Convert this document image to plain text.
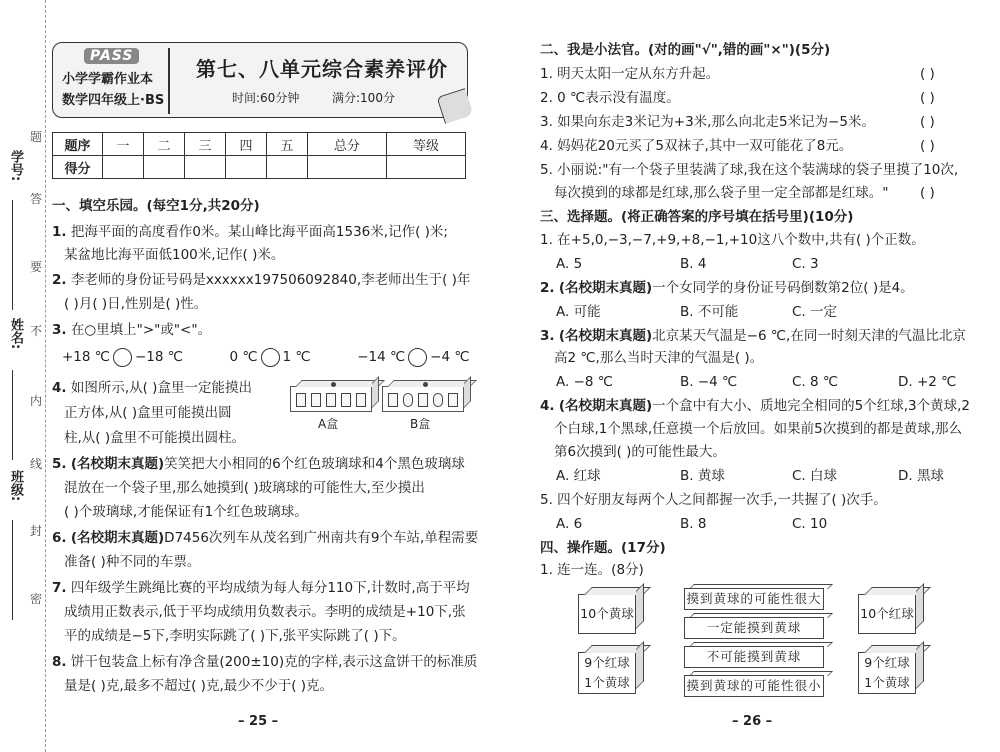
学号:
姓名:
班级:
题
答
要
不
内
线
封
密
PASS
小学学霸作业本
数学四年级上·BS
第七、八单元综合素养评价
时间:60分钟	满分:100分
题序	一	二	三	四	五	总分	等级
得分							
一、填空乐园。(每空1分,共20分)
1. 把海平面的高度看作0米。某山峰比海平面高1536米,记作( )米;
某盆地比海平面低100米,记作( )米。
2. 李老师的身份证号码是xxxxxx197506092840,李老师出生于( )年
( )月( )日,性别是( )性。
3. 在○里填上">"或"<"。
+18 ℃ −18 ℃	0 ℃ 1 ℃	−14 ℃ −4 ℃
4. 如图所示,从( )盒里一定能摸出
正方体,从( )盒里可能摸出圆
柱,从( )盒里不可能摸出圆柱。
A盒	B盒
5. (名校期末真题)笑笑把大小相同的6个红色玻璃球和4个黑色玻璃球
混放在一个袋子里,那么她摸到( )玻璃球的可能性大,至少摸出
( )个玻璃球,才能保证有1个红色玻璃球。
6. (名校期末真题)D7456次列车从茂名到广州南共有9个车站,单程需要
准备( )种不同的车票。
7. 四年级学生跳绳比赛的平均成绩为每人每分110下,计数时,高于平均
成绩用正数表示,低于平均成绩用负数表示。李明的成绩是+10下,张
平的成绩是−5下,李明实际跳了( )下,张平实际跳了( )下。
8. 饼干包装盒上标有净含量(200±10)克的字样,表示这盒饼干的标准质
量是( )克,最多不超过( )克,最少不少于( )克。
– 25 –
二、我是小法官。(对的画"√",错的画"×")(5分)
1. 明天太阳一定从东方升起。	( )
2. 0 ℃表示没有温度。	( )
3. 如果向东走3米记为+3米,那么向北走5米记为−5米。	( )
4. 妈妈花20元买了5双袜子,其中一双可能花了8元。	( )
5. 小丽说:"有一个袋子里装满了球,我在这个装满球的袋子里摸了10次,
每次摸到的球都是红球,那么袋子里一定全部都是红球。" ( )
三、选择题。(将正确答案的序号填在括号里)(10分)
1. 在+5,0,−3,−7,+9,+8,−1,+10这八个数中,共有( )个正数。
A. 5	B. 4	C. 3
2. (名校期末真题)一个女同学的身份证号码倒数第2位( )是4。
A. 可能	B. 不可能	C. 一定
3. (名校期末真题)北京某天气温是−6 ℃,在同一时刻天津的气温比北京
高2 ℃,那么当时天津的气温是( )。
A. −8 ℃	B. −4 ℃	C. 8 ℃	D. +2 ℃
4. (名校期末真题)一个盒中有大小、质地完全相同的5个红球,3个黄球,2
个白球,1个黑球,任意摸一个后放回。如果前5次摸到的都是黄球,那么
第6次摸到( )的可能性最大。
A. 红球	B. 黄球	C. 白球	D. 黑球
5. 四个好朋友每两个人之间都握一次手,一共握了( )次手。
A. 6	B. 8	C. 10
四、操作题。(17分)
1. 连一连。(8分)
10个黄球
9个红球
1个黄球
摸到黄球的可能性很大
一定能摸到黄球
不可能摸到黄球
摸到黄球的可能性很小
10个红球
9个红球
1个黄球
– 26 –
